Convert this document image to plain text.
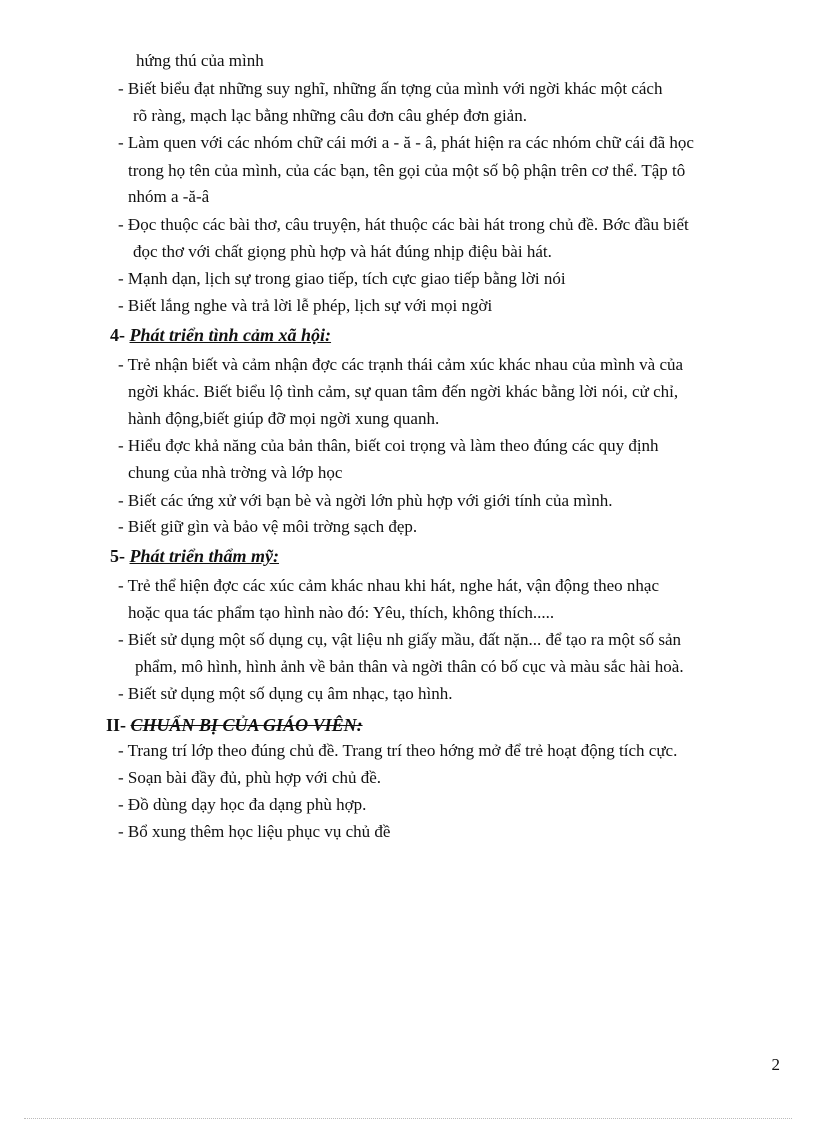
hứng thú của mình
- Biết biểu đạt những suy nghĩ, những ấn tợng của mình với ngời khác một cách
rõ ràng, mạch lạc bằng những câu đơn câu ghép đơn giản.
- Làm quen với các nhóm chữ cái mới a - ă - â, phát hiện ra các nhóm chữ cái đã học
trong họ tên của mình, của các bạn, tên gọi của một số bộ phận trên cơ thể. Tập tô
nhóm a -ă-â
- Đọc thuộc các bài thơ, câu truyện, hát thuộc các bài hát trong chủ đề. Bớc đầu biết
đọc thơ với chất giọng phù hợp và hát đúng nhịp điệu bài hát.
- Mạnh dạn, lịch sự trong giao tiếp, tích cực giao tiếp bằng lời nói
- Biết lắng nghe và trả lời lễ phép, lịch sự với mọi ngời
4- Phát triển tình cảm xã hội:
- Trẻ nhận biết và cảm nhận đợc các trạnh thái cảm xúc khác nhau của mình và của
ngời khác. Biết biểu lộ tình cảm, sự quan tâm đến ngời khác bằng lời nói, cử chỉ,
hành động,biết giúp đỡ mọi ngời xung quanh.
- Hiểu đợc khả năng của bản thân, biết coi trọng và làm theo đúng các quy định
chung của nhà trờng và lớp học
- Biết các ứng xử với bạn bè và ngời lớn phù hợp với giới tính của mình.
- Biết giữ gìn và bảo vệ môi trờng sạch đẹp.
5- Phát triển thẩm mỹ:
- Trẻ thể hiện đợc các xúc cảm khác nhau khi hát, nghe hát, vận động theo nhạc
hoặc qua tác phẩm tạo hình nào đó: Yêu, thích, không thích.....
- Biết sử dụng một số dụng cụ, vật liệu nh giấy mầu, đất nặn... để tạo ra một số sản
phẩm, mô hình, hình ảnh về bản thân và ngời thân có bố cục và màu sắc hài hoà.
- Biết sử dụng một số dụng cụ âm nhạc, tạo hình.
II- CHUẨN BỊ CỦA GIÁO VIÊN:
- Trang trí lớp theo đúng chủ đề. Trang trí theo hớng mở để trẻ hoạt động tích cực.
- Soạn bài đầy đủ, phù hợp với chủ đề.
- Đồ dùng dạy học đa dạng phù hợp.
- Bổ xung thêm học liệu phục vụ chủ đề
2
